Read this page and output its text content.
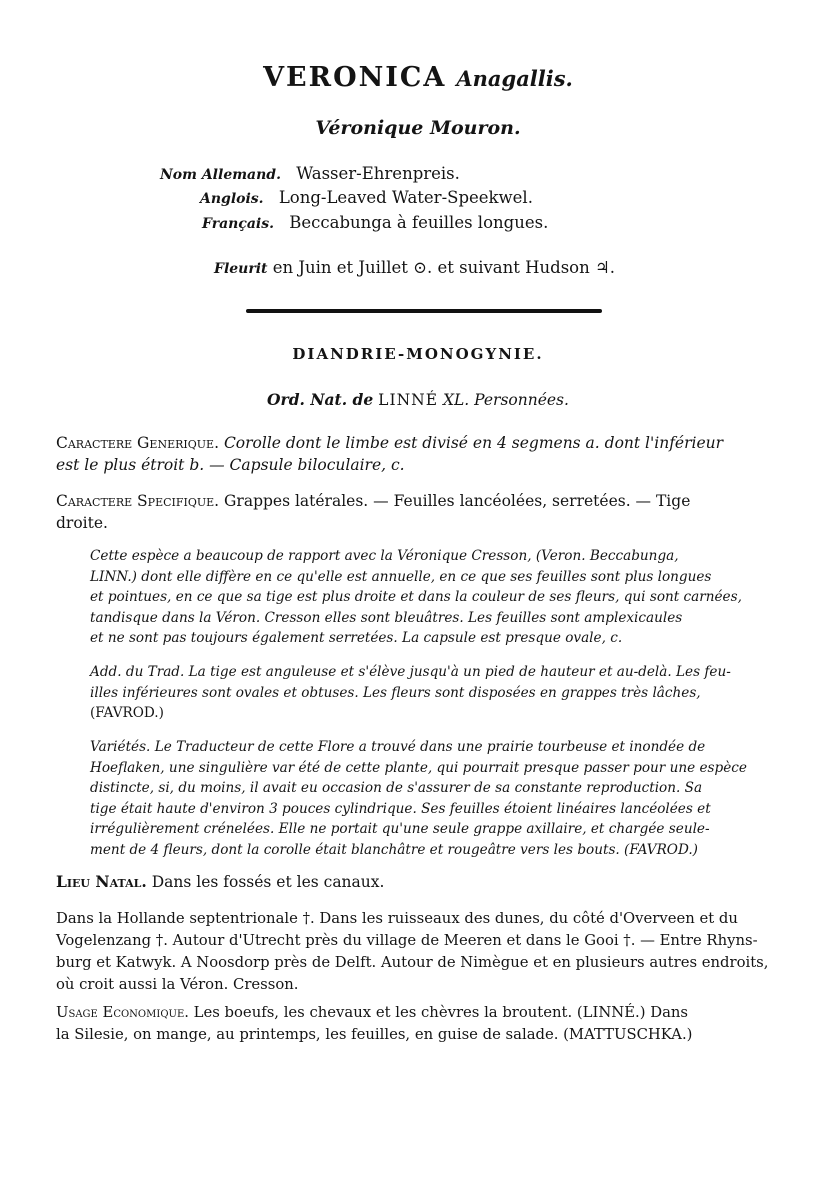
VERONICA Anagallis.
Véronique Mouron.
Nom Allemand. Wasser-Ehrenpreis.
Anglois. Long-Leaved Water-Speekwel.
Français. Beccabunga à feuilles longues.
Fleurit en Juin et Juillet ⊙. et suivant Hudson ♃.
DIANDRIE-MONOGYNIE.
Ord. Nat. de LINNÉ XL. Personnées.
Caractere Generique. Corolle dont le limbe est divisé en 4 segmens a. dont l'inférieur
est le plus étroit b. — Capsule biloculaire, c.
Caractere Specifique. Grappes latérales. — Feuilles lancéolées, serretées. — Tige
droite.
Cette espèce a beaucoup de rapport avec la Véronique Cresson, (Veron. Beccabunga,
LINN.) dont elle diffère en ce qu'elle est annuelle, en ce que ses feuilles sont plus longues
et pointues, en ce que sa tige est plus droite et dans la couleur de ses fleurs, qui sont carnées,
tandisque dans la Véron. Cresson elles sont bleuâtres. Les feuilles sont amplexicaules
et ne sont pas toujours également serretées. La capsule est presque ovale, c.
Add. du Trad. La tige est anguleuse et s'élève jusqu'à un pied de hauteur et au-delà. Les feu-
illes inférieures sont ovales et obtuses. Les fleurs sont disposées en grappes très lâches,
(FAVROD.)
Variétés. Le Traducteur de cette Flore a trouvé dans une prairie tourbeuse et inondée de
Hoeflaken, une singulière var été de cette plante, qui pourrait presque passer pour une espèce
distincte, si, du moins, il avait eu occasion de s'assurer de sa constante reproduction. Sa
tige était haute d'environ 3 pouces cylindrique. Ses feuilles étoient linéaires lancéolées et
irrégulièrement crénelées. Elle ne portait qu'une seule grappe axillaire, et chargée seule-
ment de 4 fleurs, dont la corolle était blanchâtre et rougeâtre vers les bouts. (FAVROD.)
Lieu Natal. Dans les fossés et les canaux.
Dans la Hollande septentrionale †. Dans les ruisseaux des dunes, du côté d'Overveen et du
Vogelenzang †. Autour d'Utrecht près du village de Meeren et dans le Gooi †. — Entre Rhyns-
burg et Katwyk. A Noosdorp près de Delft. Autour de Nimègue et en plusieurs autres endroits,
où croit aussi la Véron. Cresson.
Usage Economique. Les boeufs, les chevaux et les chèvres la broutent. (LINNÉ.) Dans
la Silesie, on mange, au printemps, les feuilles, en guise de salade. (MATTUSCHKA.)
